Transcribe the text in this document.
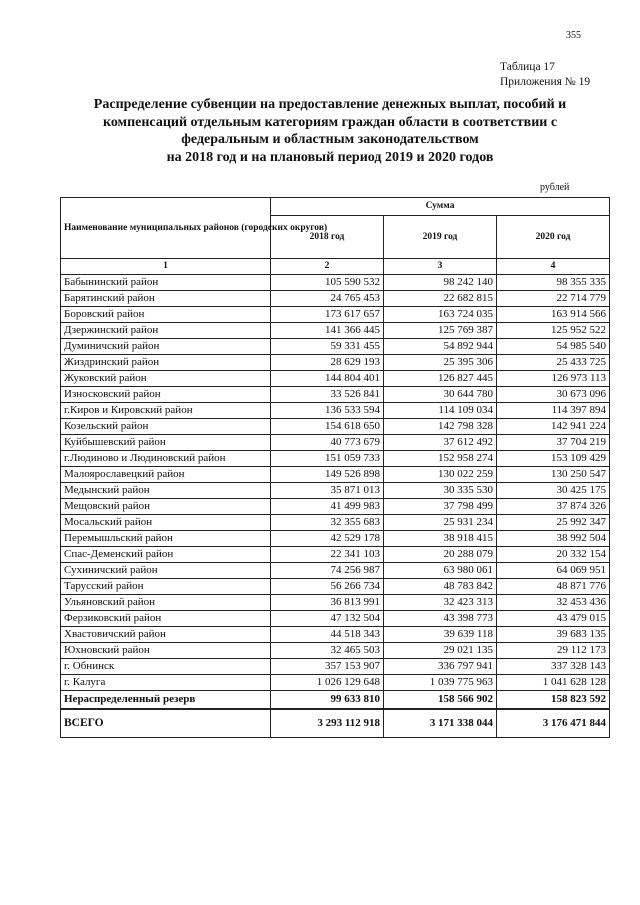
355
Таблица 17
Приложения № 19
Распределение субвенции на предоставление денежных выплат, пособий и
компенсаций отдельным категориям граждан области в соответствии с
федеральным и областным законодательством
на 2018 год и на плановый период 2019 и 2020 годов
рублей
Наименование муниципальных районов (городских округов)	Сумма		
	2018 год	2019 год	2020 год
1	2	3	4
Бабынинский район	105 590 532	98 242 140	98 355 335
Барятинский район	24 765 453	22 682 815	22 714 779
Боровский район	173 617 657	163 724 035	163 914 566
Дзержинский район	141 366 445	125 769 387	125 952 522
Думиничский район	59 331 455	54 892 944	54 985 540
Жиздринский район	28 629 193	25 395 306	25 433 725
Жуковский район	144 804 401	126 827 445	126 973 113
Износковский район	33 526 841	30 644 780	30 673 096
г.Киров и Кировский район	136 533 594	114 109 034	114 397 894
Козельский район	154 618 650	142 798 328	142 941 224
Куйбышевский район	40 773 679	37 612 492	37 704 219
г.Людиново и Людиновский район	151 059 733	152 958 274	153 109 429
Малоярославецкий район	149 526 898	130 022 259	130 250 547
Медынский район	35 871 013	30 335 530	30 425 175
Мещовский район	41 499 983	37 798 499	37 874 326
Мосальский район	32 355 683	25 931 234	25 992 347
Перемышльский район	42 529 178	38 918 415	38 992 504
Спас-Деменский район	22 341 103	20 288 079	20 332 154
Сухиничский район	74 256 987	63 980 061	64 069 951
Тарусский район	56 266 734	48 783 842	48 871 776
Ульяновский район	36 813 991	32 423 313	32 453 436
Ферзиковский район	47 132 504	43 398 773	43 479 015
Хвастовичский район	44 518 343	39 639 118	39 683 135
Юхновский район	32 465 503	29 021 135	29 112 173
г. Обнинск	357 153 907	336 797 941	337 328 143
г. Калуга	1 026 129 648	1 039 775 963	1 041 628 128
Нераспределенный резерв	99 633 810	158 566 902	158 823 592
ВСЕГО	3 293 112 918	3 171 338 044	3 176 471 844
